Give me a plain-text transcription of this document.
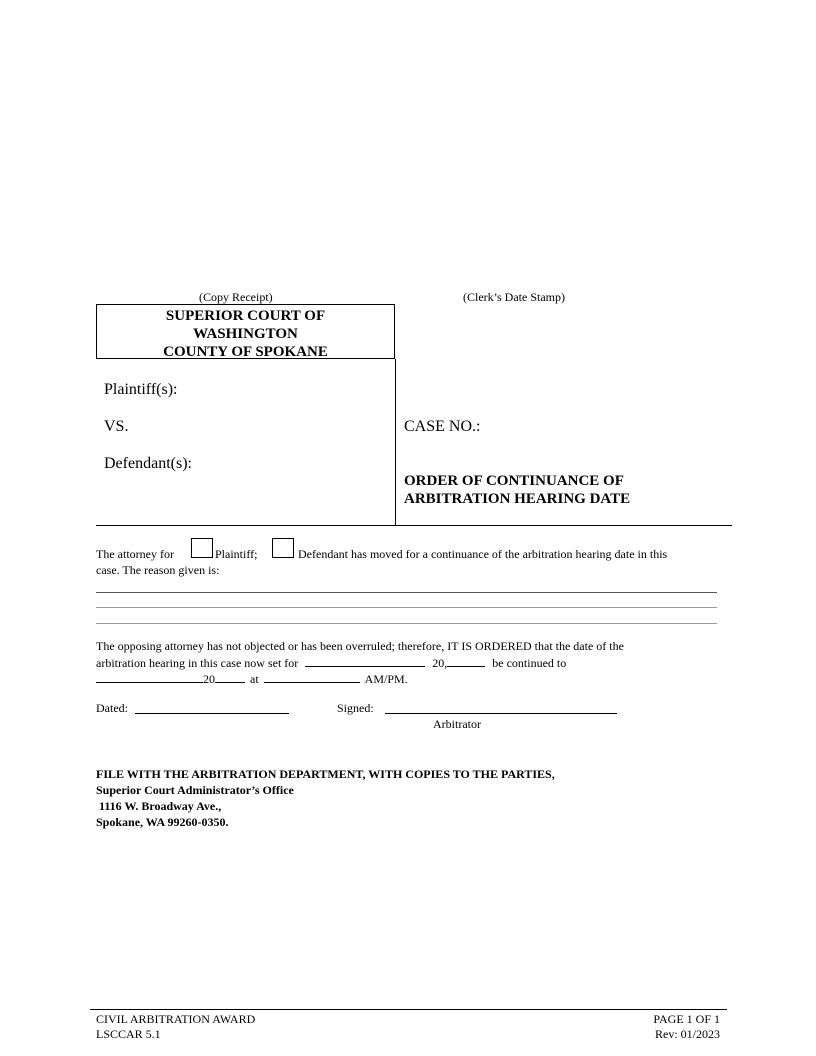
(Copy Receipt)	(Clerk’s Date Stamp)
SUPERIOR COURT OF
WASHINGTON
COUNTY OF SPOKANE
Plaintiff(s):
VS.
Defendant(s):
CASE NO.:
ORDER OF CONTINUANCE OF
ARBITRATION HEARING DATE
The attorney for	Plaintiff;	Defendant has moved for a continuance of the arbitration hearing date in this
case. The reason given is:
The opposing attorney has not objected or has been overruled; therefore, IT IS ORDERED that the date of the
arbitration hearing in this case now set for	20,	be continued to
20	at	AM/PM.
Dated:	Signed:
Arbitrator
FILE WITH THE ARBITRATION DEPARTMENT, WITH COPIES TO THE PARTIES,
Superior Court Administrator’s Office
1116 W. Broadway Ave.,
Spokane, WA 99260-0350.
CIVIL ARBITRATION AWARD
LSCCAR 5.1
PAGE 1 OF 1
Rev: 01/2023
